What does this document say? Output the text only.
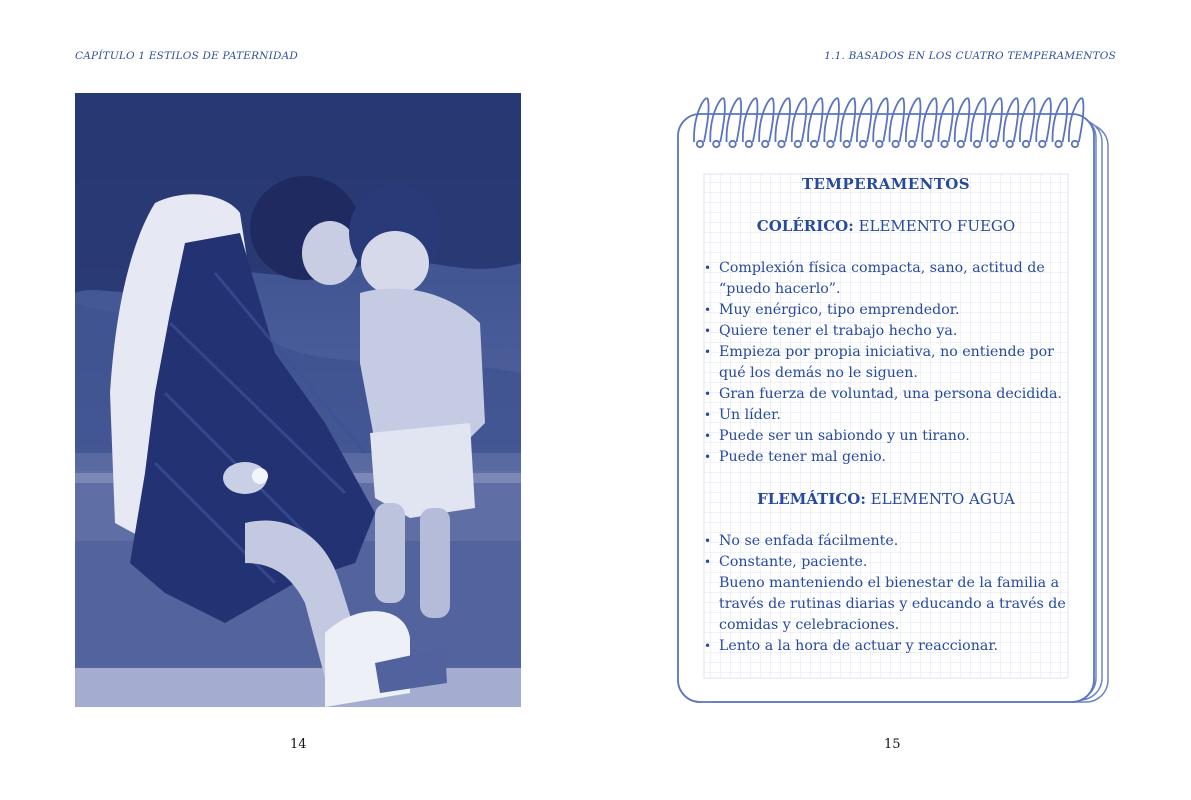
CAPÍTULO 1 ESTILOS DE PATERNIDAD	1.1. BASADOS EN LOS CUATRO TEMPERAMENTOS
TEMPERAMENTOS
COLÉRICO: ELEMENTO FUEGO
• Complexión física compacta, sano, actitud de “puedo hacerlo”.
• Muy enérgico, tipo emprendedor.
• Quiere tener el trabajo hecho ya.
• Empieza por propia iniciativa, no entiende por qué los demás no le siguen.
• Gran fuerza de voluntad, una persona decidida.
• Un líder.
• Puede ser un sabiondo y un tirano.
• Puede tener mal genio.
FLEMÁTICO: ELEMENTO AGUA
• No se enfada fácilmente.
• Constante, paciente.
Bueno manteniendo el bienestar de la familia a través de rutinas diarias y educando a través de comidas y celebraciones.
• Lento a la hora de actuar y reaccionar.
14	15
